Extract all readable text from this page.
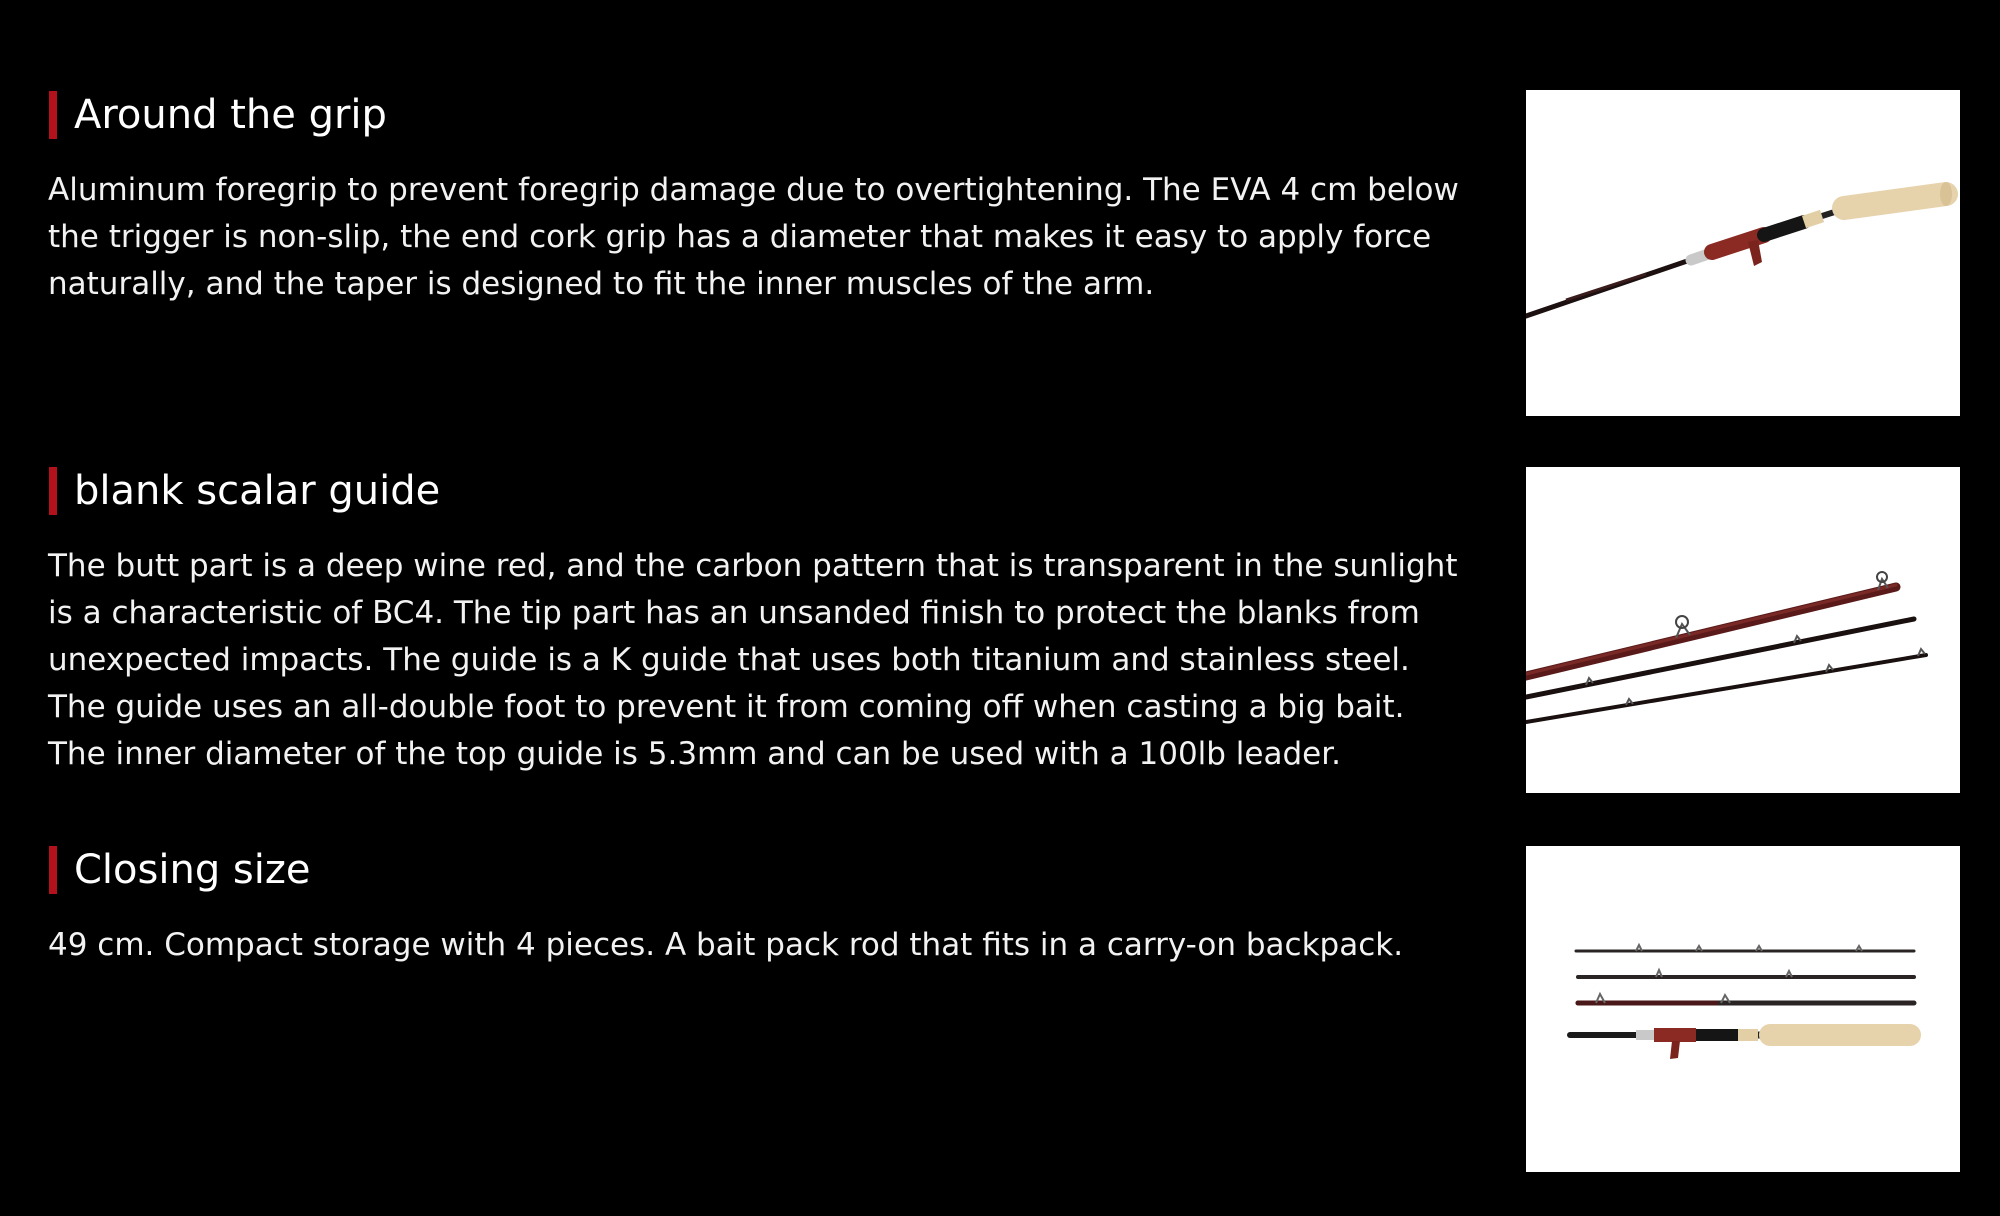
Around the grip

Aluminum foregrip to prevent foregrip damage due to overtightening. The EVA 4 cm below the trigger is non-slip, the end cork grip has a diameter that makes it easy to apply force naturally, and the taper is designed to fit the inner muscles of the arm.

blank scalar guide

The butt part is a deep wine red, and the carbon pattern that is transparent in the sunlight is a characteristic of BC4. The tip part has an unsanded finish to protect the blanks from unexpected impacts. The guide is a K guide that uses both titanium and stainless steel. The guide uses an all-double foot to prevent it from coming off when casting a big bait. The inner diameter of the top guide is 5.3mm and can be used with a 100lb leader.

Closing size

49 cm. Compact storage with 4 pieces. A bait pack rod that fits in a carry-on backpack.
